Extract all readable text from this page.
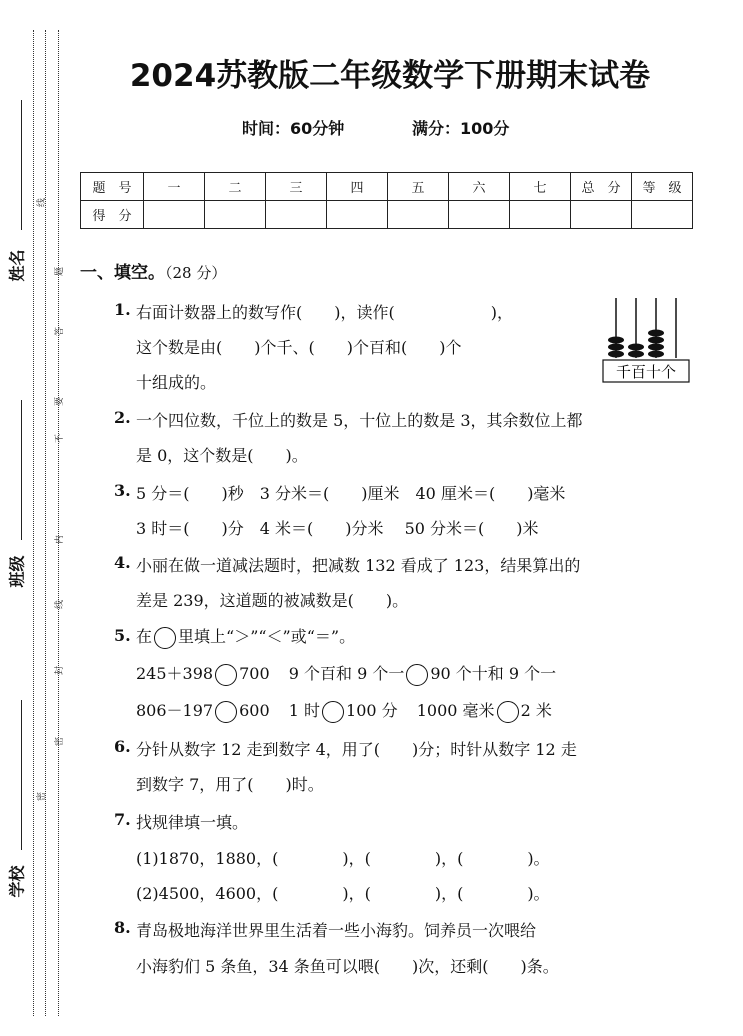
姓名
班级
学校
线
题
答
要
不
内
线
封
密
密
2024苏教版二年级数学下册期末试卷
时间：60分钟	满分：100分
题　号	一	二	三	四	五	六	七	总　分	等　级
得　分									
一、填空。（28 分）
1. 右面计数器上的数写作(　　)，读作(　　　　　　)，
这个数是由(　　)个千、(　　)个百和(　　)个
十组成的。
千百十个
2. 一个四位数，千位上的数是 5，十位上的数是 3，其余数位上都
是 0，这个数是(　　)。
3. 5 分＝(　　)秒　3 分米＝(　　)厘米　40 厘米＝(　　)毫米
3 时＝(　　)分　4 米＝(　　)分米　 50 分米＝(　　)米
4. 小丽在做一道减法题时，把减数 132 看成了 123，结果算出的
差是 239，这道题的被减数是(　　)。
5. 在 里填上“＞”“＜”或“＝”。
245＋398 700 9 个百和 9 个一 90 个十和 9 个一
806－197 600 1 时 100 分 1000 毫米 2 米
6. 分针从数字 12 走到数字 4，用了(　　)分；时针从数字 12 走
到数字 7，用了(　　)时。
7. 找规律填一填。
(1)1870，1880，(　　　　)，(　　　　)，(　　　　)。
(2)4500，4600，(　　　　)，(　　　　)，(　　　　)。
8. 青岛极地海洋世界里生活着一些小海豹。饲养员一次喂给
小海豹们 5 条鱼，34 条鱼可以喂(　　)次，还剩(　　)条。
